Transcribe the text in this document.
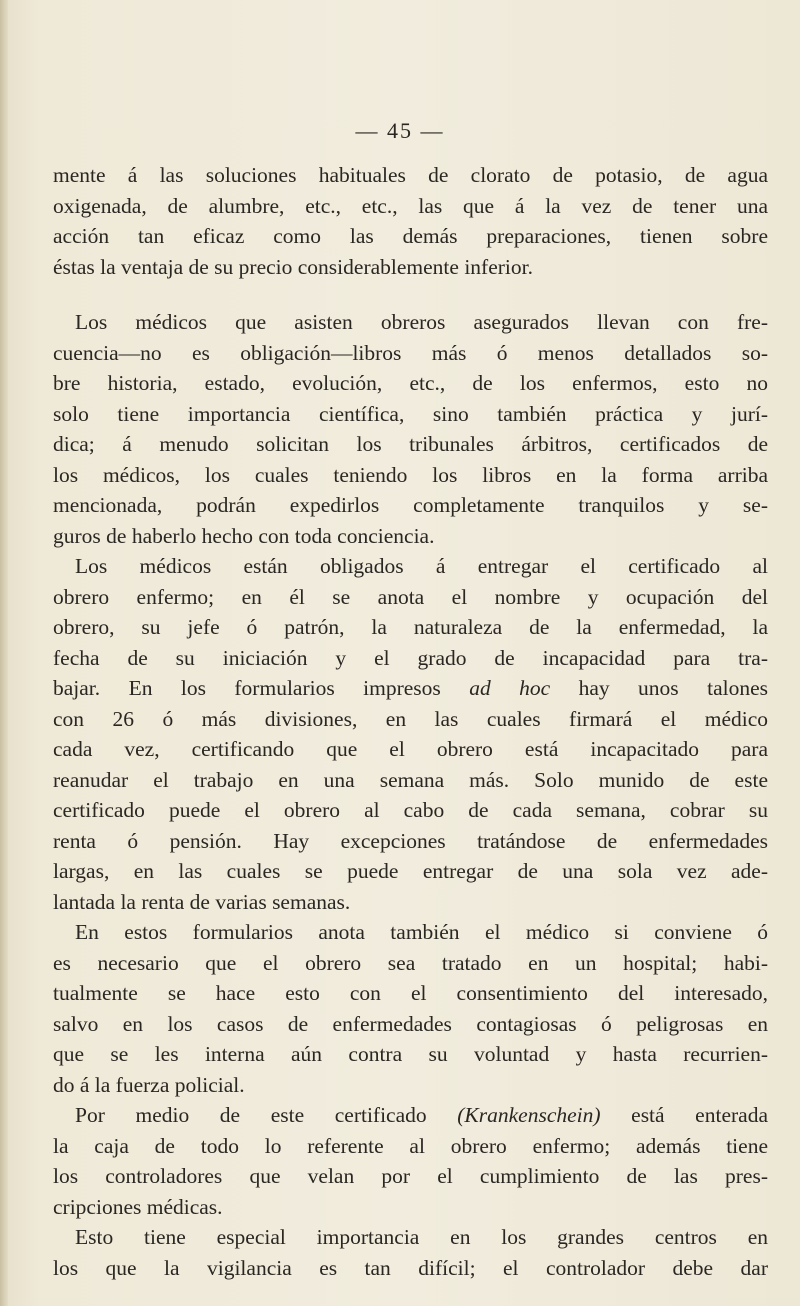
— 45 —
mente á las soluciones habituales de clorato de potasio, de agua
oxigenada, de alumbre, etc., etc., las que á la vez de tener una
acción tan eficaz como las demás preparaciones, tienen sobre
éstas la ventaja de su precio considerablemente inferior.
Los médicos que asisten obreros asegurados llevan con fre-
cuencia—no es obligación—libros más ó menos detallados so-
bre historia, estado, evolución, etc., de los enfermos, esto no
solo tiene importancia científica, sino también práctica y jurí-
dica; á menudo solicitan los tribunales árbitros, certificados de
los médicos, los cuales teniendo los libros en la forma arriba
mencionada, podrán expedirlos completamente tranquilos y se-
guros de haberlo hecho con toda conciencia.
Los médicos están obligados á entregar el certificado al
obrero enfermo; en él se anota el nombre y ocupación del
obrero, su jefe ó patrón, la naturaleza de la enfermedad, la
fecha de su iniciación y el grado de incapacidad para tra-
bajar. En los formularios impresos ad hoc hay unos talones
con 26 ó más divisiones, en las cuales firmará el médico
cada vez, certificando que el obrero está incapacitado para
reanudar el trabajo en una semana más. Solo munido de este
certificado puede el obrero al cabo de cada semana, cobrar su
renta ó pensión. Hay excepciones tratándose de enfermedades
largas, en las cuales se puede entregar de una sola vez ade-
lantada la renta de varias semanas.
En estos formularios anota también el médico si conviene ó
es necesario que el obrero sea tratado en un hospital; habi-
tualmente se hace esto con el consentimiento del interesado,
salvo en los casos de enfermedades contagiosas ó peligrosas en
que se les interna aún contra su voluntad y hasta recurrien-
do á la fuerza policial.
Por medio de este certificado (Krankenschein) está enterada
la caja de todo lo referente al obrero enfermo; además tiene
los controladores que velan por el cumplimiento de las pres-
cripciones médicas.
Esto tiene especial importancia en los grandes centros en
los que la vigilancia es tan difícil; el controlador debe dar
